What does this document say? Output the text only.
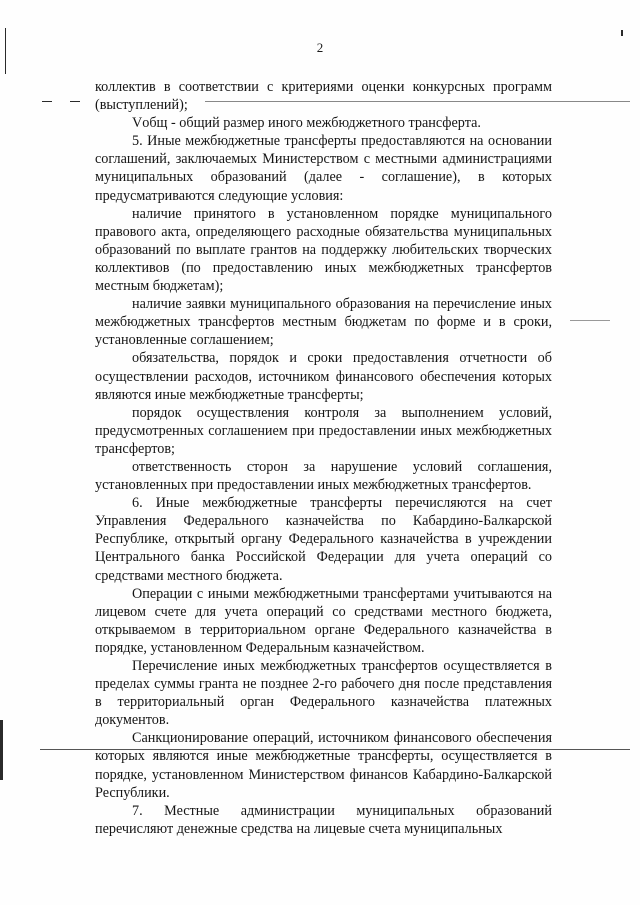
2

коллектив в соответствии с критериями оценки конкурсных программ (выступлений);

Vобщ - общий размер иного межбюджетного трансферта.

5. Иные межбюджетные трансферты предоставляются на основании соглашений, заключаемых Министерством с местными администрациями муниципальных образований (далее - соглашение), в которых предусматриваются следующие условия:

наличие принятого в установленном порядке муниципального правового акта, определяющего расходные обязательства муниципальных образований по выплате грантов на поддержку любительских творческих коллективов (по предоставлению иных межбюджетных трансфертов местным бюджетам);

наличие заявки муниципального образования на перечисление иных межбюджетных трансфертов местным бюджетам по форме и в сроки, установленные соглашением;

обязательства, порядок и сроки предоставления отчетности об осуществлении расходов, источником финансового обеспечения которых являются иные межбюджетные трансферты;

порядок осуществления контроля за выполнением условий, предусмотренных соглашением при предоставлении иных межбюджетных трансфертов;

ответственность сторон за нарушение условий соглашения, установленных при предоставлении иных межбюджетных трансфертов.

6. Иные межбюджетные трансферты перечисляются на счет Управления Федерального казначейства по Кабардино-Балкарской Республике, открытый органу Федерального казначейства в учреждении Центрального банка Российской Федерации для учета операций со средствами местного бюджета.

Операции с иными межбюджетными трансфертами учитываются на лицевом счете для учета операций со средствами местного бюджета, открываемом в территориальном органе Федерального казначейства в порядке, установленном Федеральным казначейством.

Перечисление иных межбюджетных трансфертов осуществляется в пределах суммы гранта не позднее 2-го рабочего дня после представления в территориальный орган Федерального казначейства платежных документов.

Санкционирование операций, источником финансового обеспечения которых являются иные межбюджетные трансферты, осуществляется в порядке, установленном Министерством финансов Кабардино-Балкарской Республики.

7. Местные администрации муниципальных образований перечисляют денежные средства на лицевые счета муниципальных
